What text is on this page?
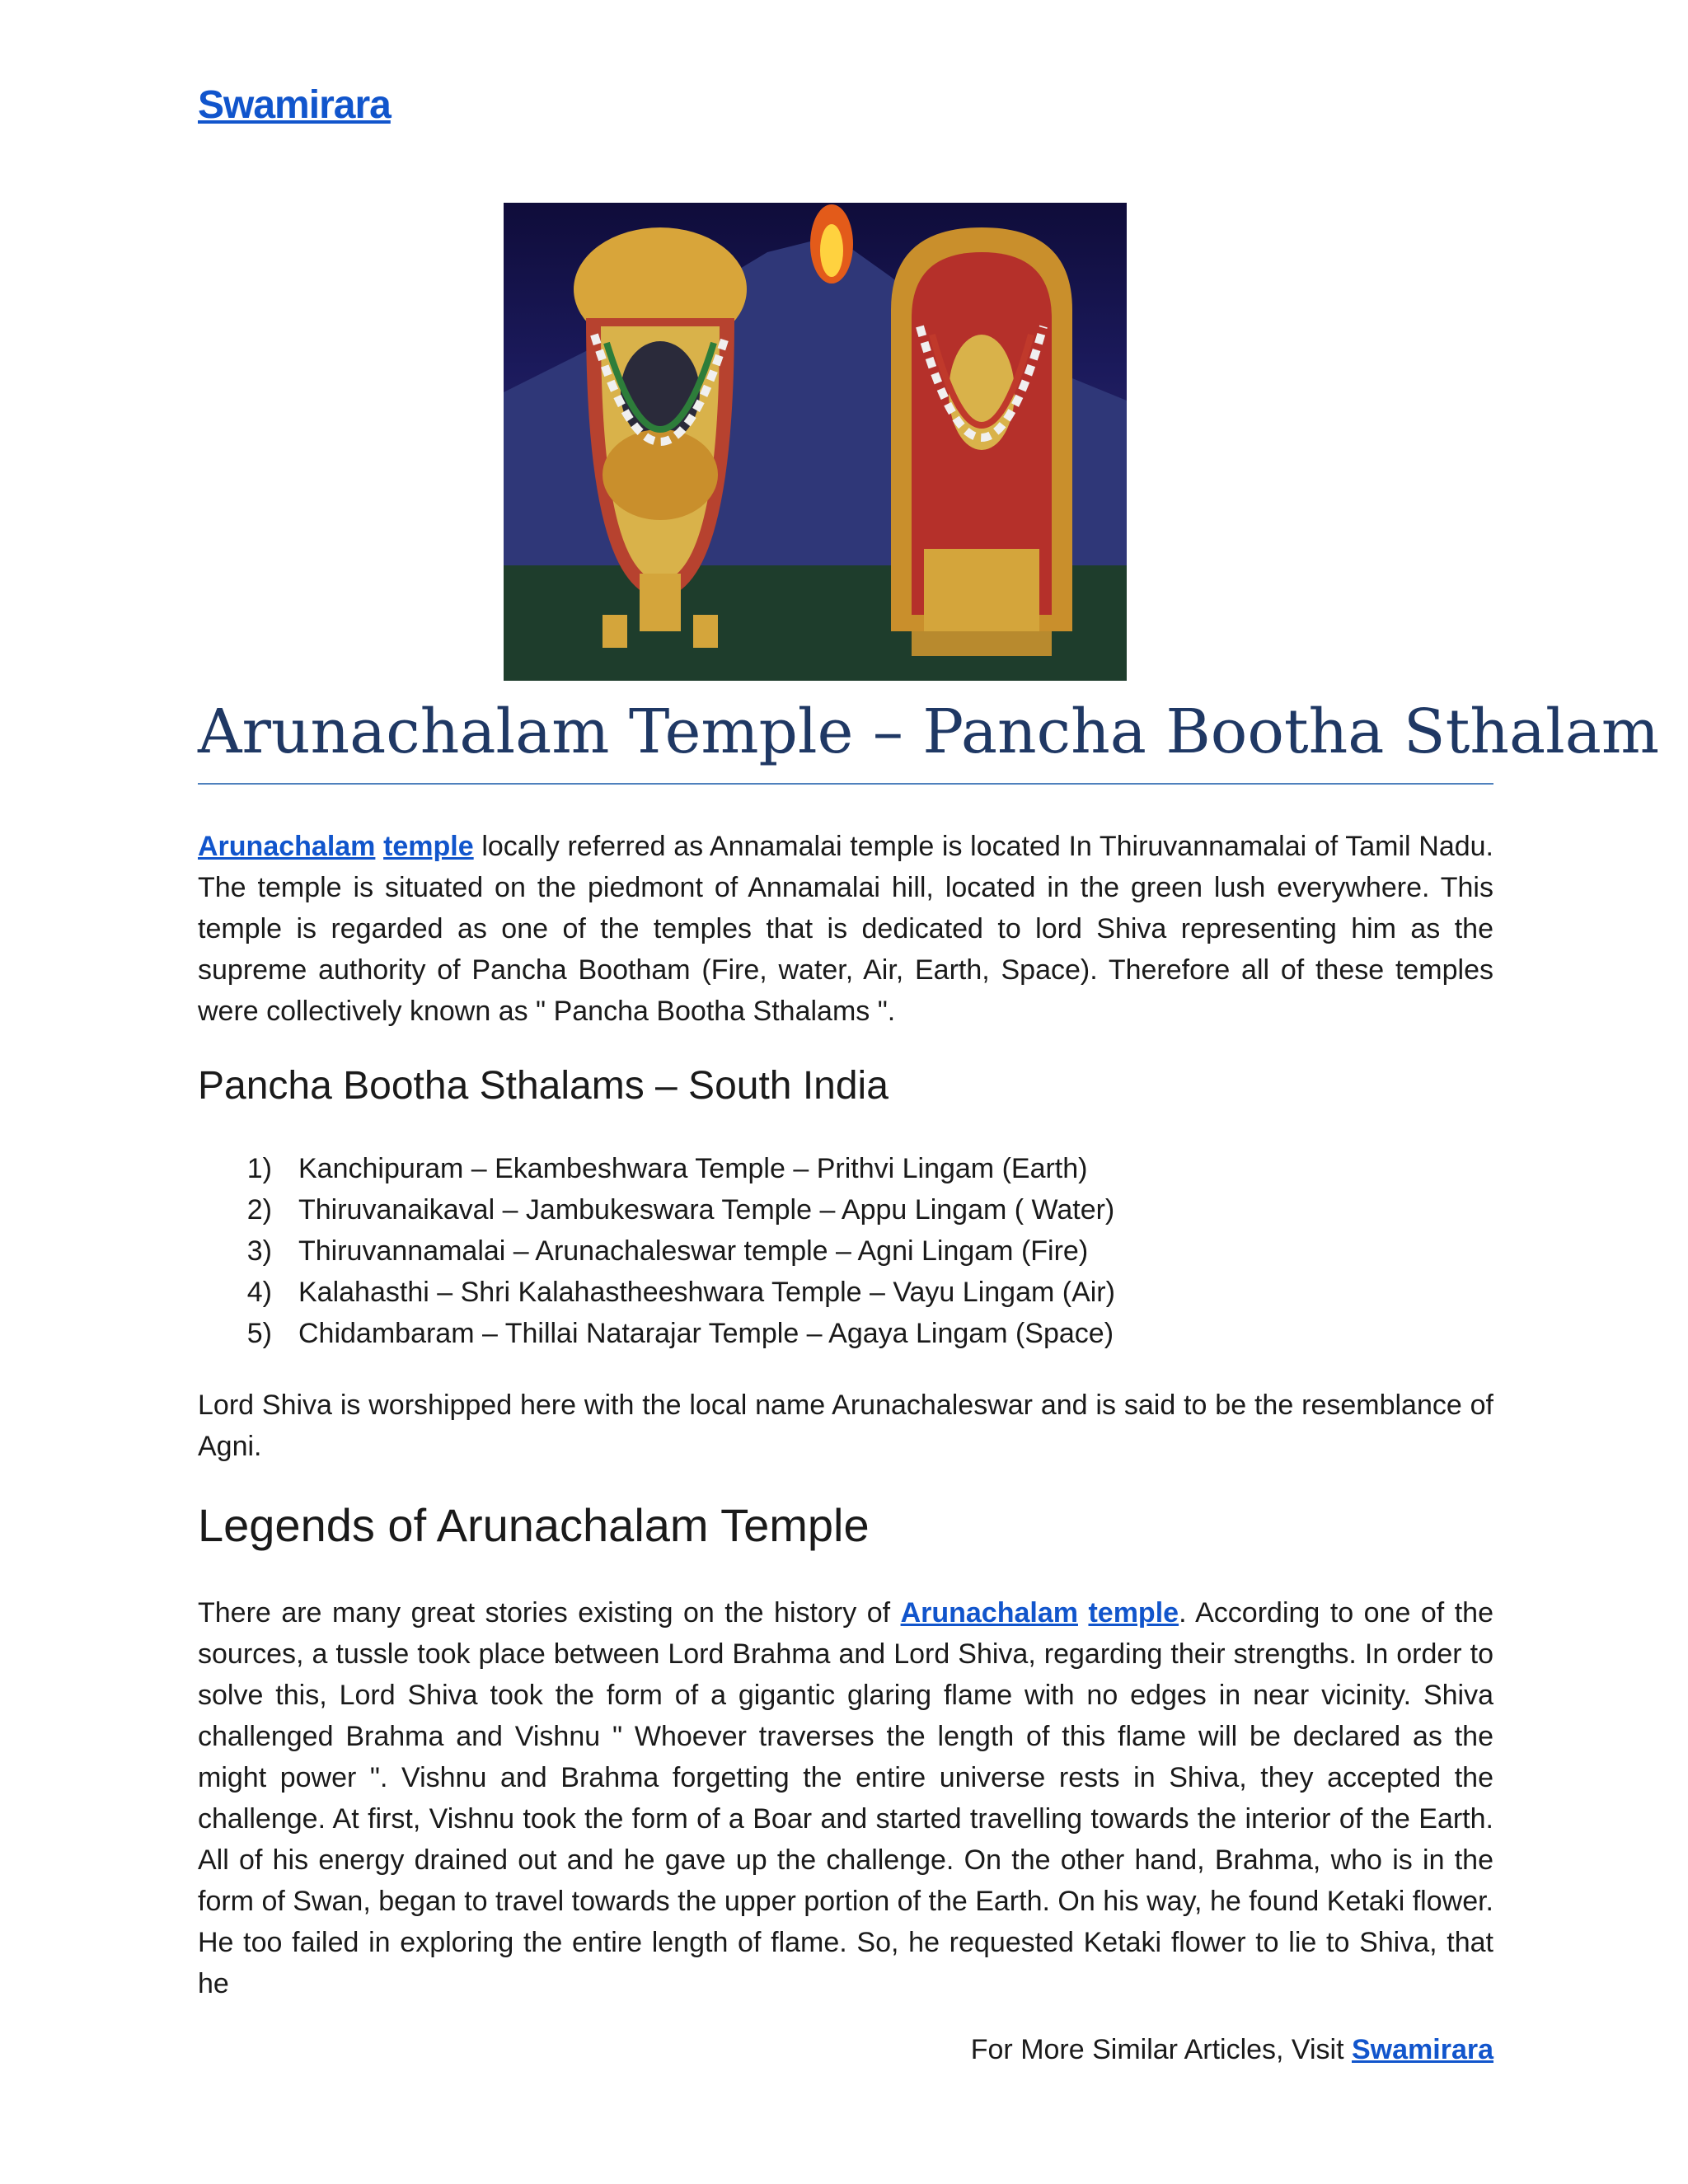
Swamirara
Arunachalam Temple – Pancha Bootha Sthalam

Arunachalam temple locally referred as Annamalai temple is located In Thiruvannamalai of Tamil Nadu. The temple is situated on the piedmont of Annamalai hill, located in the green lush everywhere. This temple is regarded as one of the temples that is dedicated to lord Shiva representing him as the supreme authority of Pancha Bootham (Fire, water, Air, Earth, Space). Therefore all of these temples were collectively known as " Pancha Bootha Sthalams ".

Pancha Bootha Sthalams – South India
1) Kanchipuram – Ekambeshwara Temple – Prithvi Lingam (Earth)
2) Thiruvanaikaval – Jambukeswara Temple – Appu Lingam ( Water)
3) Thiruvannamalai – Arunachaleswar temple – Agni Lingam (Fire)
4) Kalahasthi – Shri Kalahastheeshwara Temple – Vayu Lingam (Air)
5) Chidambaram – Thillai Natarajar Temple – Agaya Lingam (Space)

Lord Shiva is worshipped here with the local name Arunachaleswar and is said to be the resemblance of Agni.

Legends of Arunachalam Temple

There are many great stories existing on the history of Arunachalam temple. According to one of the sources, a tussle took place between Lord Brahma and Lord Shiva, regarding their strengths. In order to solve this, Lord Shiva took the form of a gigantic glaring flame with no edges in near vicinity. Shiva challenged Brahma and Vishnu " Whoever traverses the length of this flame will be declared as the might power ". Vishnu and Brahma forgetting the entire universe rests in Shiva, they accepted the challenge. At first, Vishnu took the form of a Boar and started travelling towards the interior of the Earth. All of his energy drained out and he gave up the challenge. On the other hand, Brahma, who is in the form of Swan, began to travel towards the upper portion of the Earth. On his way, he found Ketaki flower. He too failed in exploring the entire length of flame. So, he requested Ketaki flower to lie to Shiva, that he

For More Similar Articles, Visit Swamirara
